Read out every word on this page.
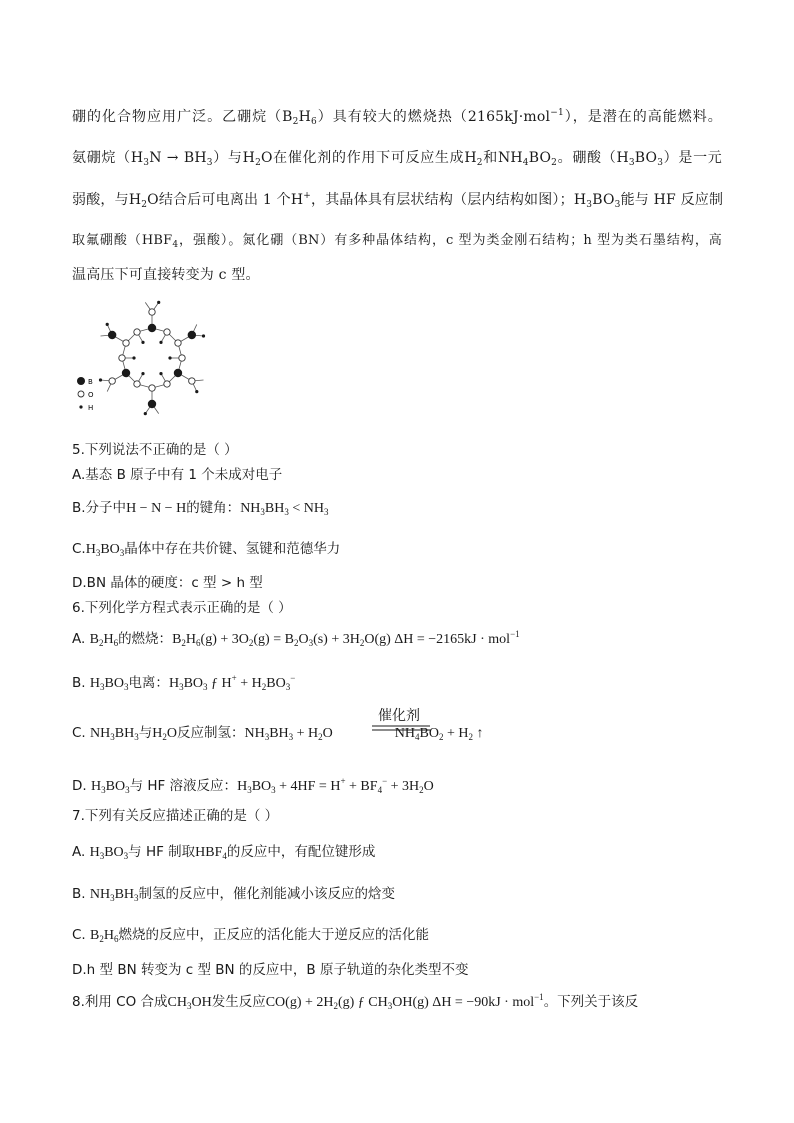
硼的化合物应用广泛。乙硼烷$(B_2H_6)$具有较大的燃烧热（2165kJ·mol$^{-1}$），是潜在的高能燃料。
氨硼烷$(H_3N \to BH_3)$与$H_2O$在催化剂的作用下可反应生成$H_2$和$NH_4BO_2$。硼酸$(H_3BO_3)$是一元
弱酸，与$H_2O$结合后可电离出 1 个H+，其晶体具有层状结构（层内结构如图）；$H_3BO_3$能与 HF 反应制
取氟硼酸（$HBF_4$，强酸）。氮化硼（BN）有多种晶体结构，c 型为类金刚石结构；h 型为类石墨结构，高
温高压下可直接转变为 c 型。
B
O
H
5.下列说法不正确的是（ ）
A.基态 B 原子中有 1 个未成对电子
B.分子中H − N − H的键角：$NH_3BH_3 < NH_3$
$C.H_3BO_3$晶体中存在共价键、氢键和范德华力
D.BN 晶体的硬度：c 型 > h 型
6.下列化学方程式表示正确的是（ ）
A. $B_2H_6$的燃烧：$B_2H_6(g) + 3O_2(g) = B_2O_3(s) + 3H_2O(g) \Delta H = -2165kJ \cdot mol^{-1}$
B. $H_3BO_3$电离：$H_3BO_3$ ƒ $H^+ + H_2BO_3^-$
催化剂
C. $NH_3BH_3$与$H_2O$反应制氢：$NH_3BH_3 + H_2O$	$NH_4BO_2 + H_2$ ↑
D. $H_3BO_3$与 HF 溶液反应：$H_3BO_3 + 4HF = H^+ + BF_4^- + 3H_2O$
7.下列有关反应描述正确的是（ ）
A. $H_3BO_3$与 HF 制取$HBF_4$的反应中，有配位键形成
B. $NH_3BH_3$制氢的反应中，催化剂能减小该反应的焓变
C. $B_2H_6$燃烧的反应中，正反应的活化能大于逆反应的活化能
D.h 型 BN 转变为 c 型 BN 的反应中，B 原子轨道的杂化类型不变
8.利用 CO 合成$CH_3OH$发生反应$CO(g) + 2H_2(g)$ ƒ $CH_3OH(g) \Delta H = -90kJ \cdot mol^{-1}$。下列关于该反
